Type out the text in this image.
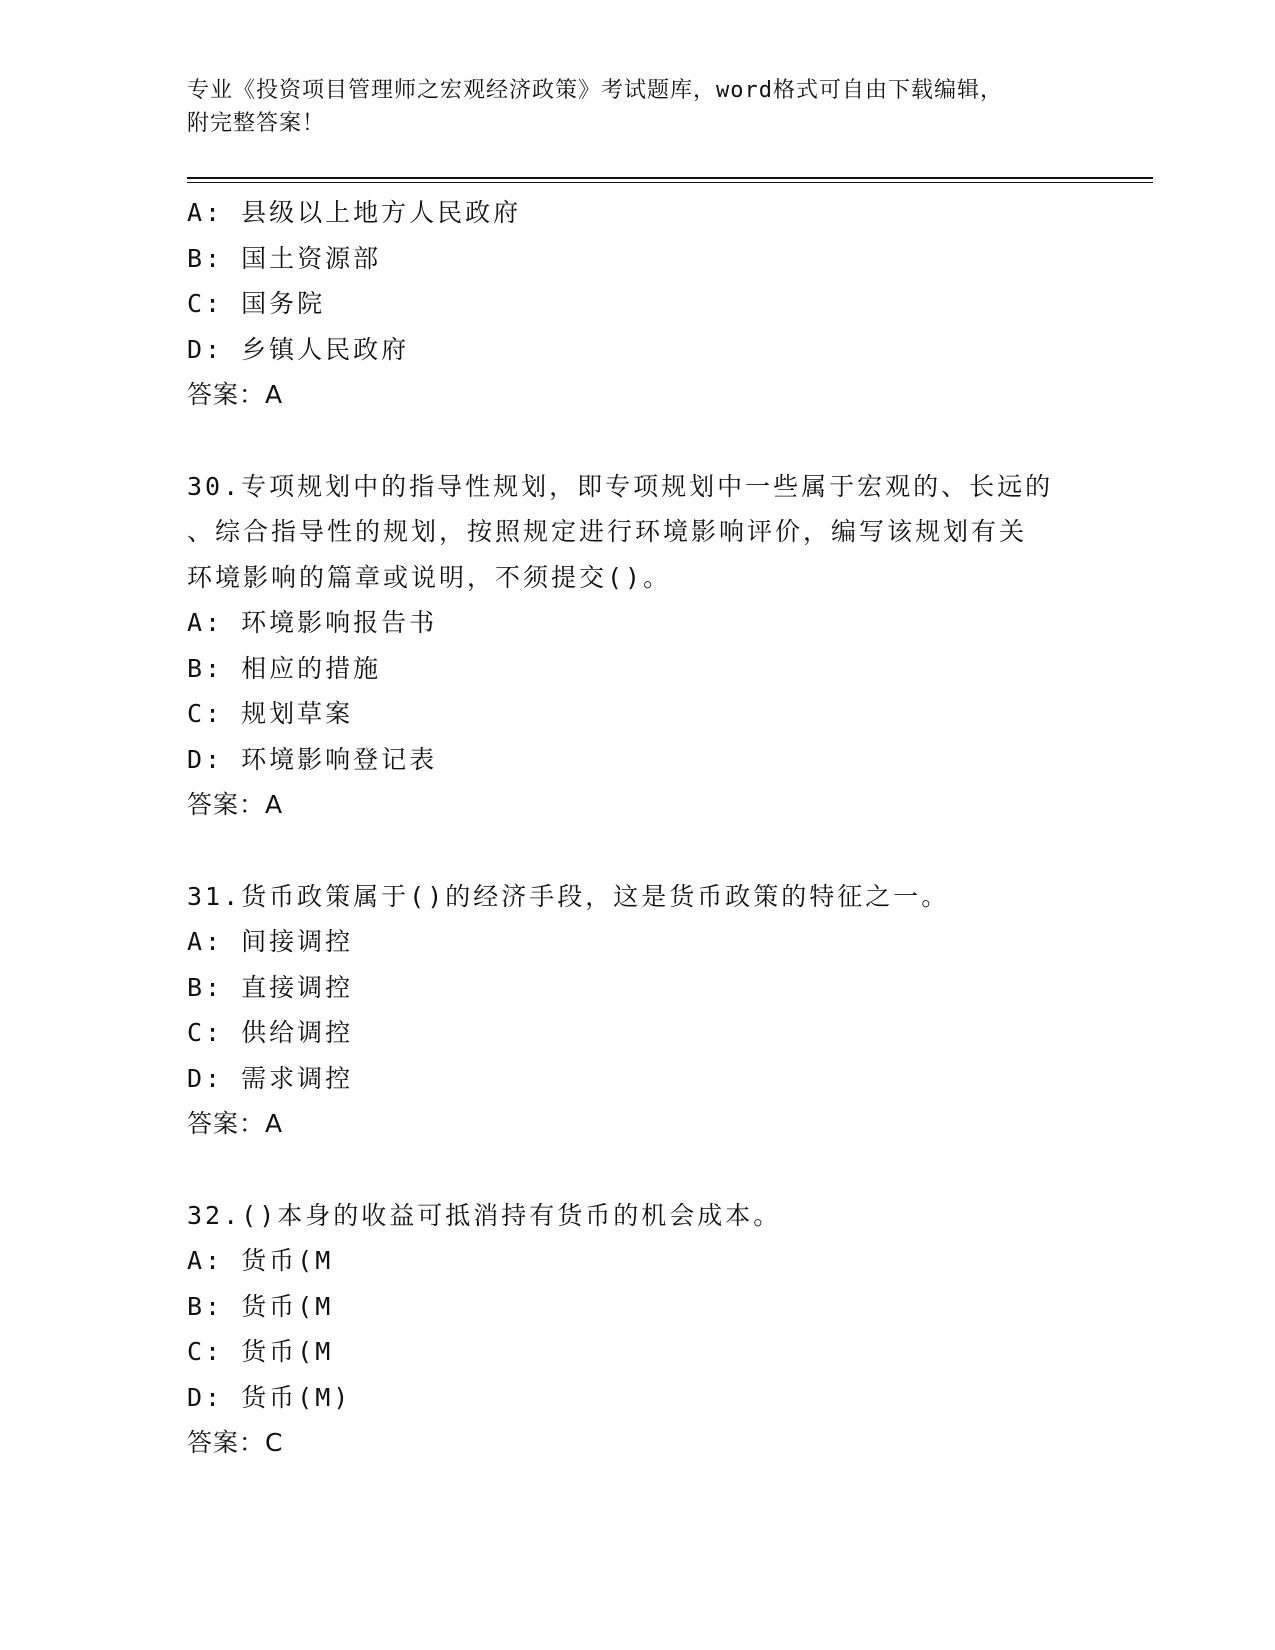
专业《投资项目管理师之宏观经济政策》考试题库，word格式可自由下载编辑，
附完整答案！
A: 县级以上地方人民政府
B: 国土资源部
C: 国务院
D: 乡镇人民政府
答案：A
30.专项规划中的指导性规划，即专项规划中一些属于宏观的、长远的
、综合指导性的规划，按照规定进行环境影响评价，编写该规划有关
环境影响的篇章或说明，不须提交()。
A: 环境影响报告书
B: 相应的措施
C: 规划草案
D: 环境影响登记表
答案：A
31.货币政策属于()的经济手段，这是货币政策的特征之一。
A: 间接调控
B: 直接调控
C: 供给调控
D: 需求调控
答案：A
32.()本身的收益可抵消持有货币的机会成本。
A: 货币(M
B: 货币(M
C: 货币(M
D: 货币(M)
答案：C
